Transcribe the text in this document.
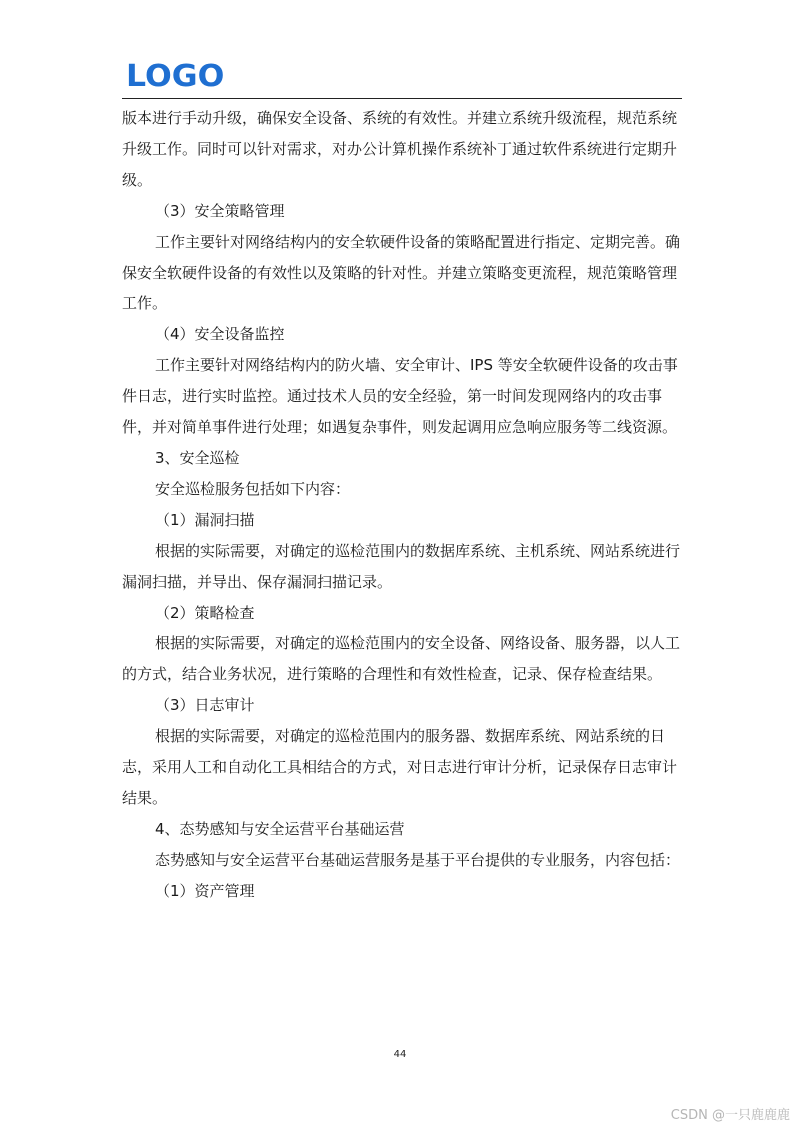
LOGO

版本进行手动升级，确保安全设备、系统的有效性。并建立系统升级流程，规范系统升级工作。同时可以针对需求，对办公计算机操作系统补丁通过软件系统进行定期升级。

（3）安全策略管理

工作主要针对网络结构内的安全软硬件设备的策略配置进行指定、定期完善。确保安全软硬件设备的有效性以及策略的针对性。并建立策略变更流程，规范策略管理工作。

（4）安全设备监控

工作主要针对网络结构内的防火墙、安全审计、IPS 等安全软硬件设备的攻击事件日志，进行实时监控。通过技术人员的安全经验，第一时间发现网络内的攻击事件，并对简单事件进行处理；如遇复杂事件，则发起调用应急响应服务等二线资源。

3、安全巡检

安全巡检服务包括如下内容：

（1）漏洞扫描

根据的实际需要，对确定的巡检范围内的数据库系统、主机系统、网站系统进行漏洞扫描，并导出、保存漏洞扫描记录。

（2）策略检查

根据的实际需要，对确定的巡检范围内的安全设备、网络设备、服务器，以人工的方式，结合业务状况，进行策略的合理性和有效性检查，记录、保存检查结果。

（3）日志审计

根据的实际需要，对确定的巡检范围内的服务器、数据库系统、网站系统的日志，采用人工和自动化工具相结合的方式，对日志进行审计分析，记录保存日志审计结果。

4、态势感知与安全运营平台基础运营

态势感知与安全运营平台基础运营服务是基于平台提供的专业服务，内容包括：

（1）资产管理

44
CSDN @一只鹿鹿鹿
